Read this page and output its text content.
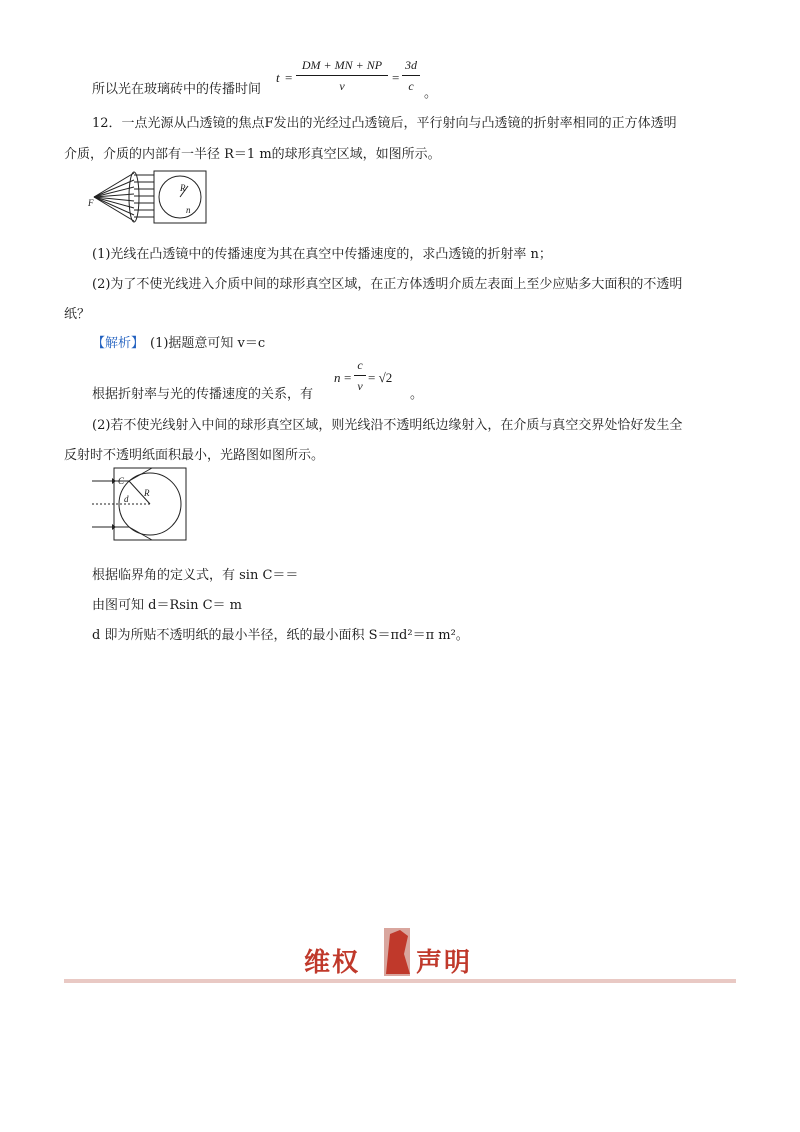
所以光在玻璃砖中的传播时间
t =
DM + MN + NP
v
=
3d
c 。
12．一点光源从凸透镜的焦点F发出的光经过凸透镜后，平行射向与凸透镜的折射率相同的正方体透明
介质，介质的内部有一半径 R＝1 m的球形真空区域，如图所示。
F
R
n
(1)光线在凸透镜中的传播速度为其在真空中传播速度的，求凸透镜的折射率 n；
(2)为了不使光线进入介质中间的球形真空区域，在正方体透明介质左表面上至少应贴多大面积的不透明
纸？
【解析】 (1)据题意可知 v＝c
根据折射率与光的传播速度的关系，有
n =
c
v
= √2
。
(2)若不使光线射入中间的球形真空区域，则光线沿不透明纸边缘射入，在介质与真空交界处恰好发生全
反射时不透明纸面积最小，光路图如图所示。
C
R
d
根据临界角的定义式，有 sin C＝＝
由图可知 d＝Rsin C＝ m
d 即为所贴不透明纸的最小半径，纸的最小面积 S＝πd²＝π m²。
维权 声明
